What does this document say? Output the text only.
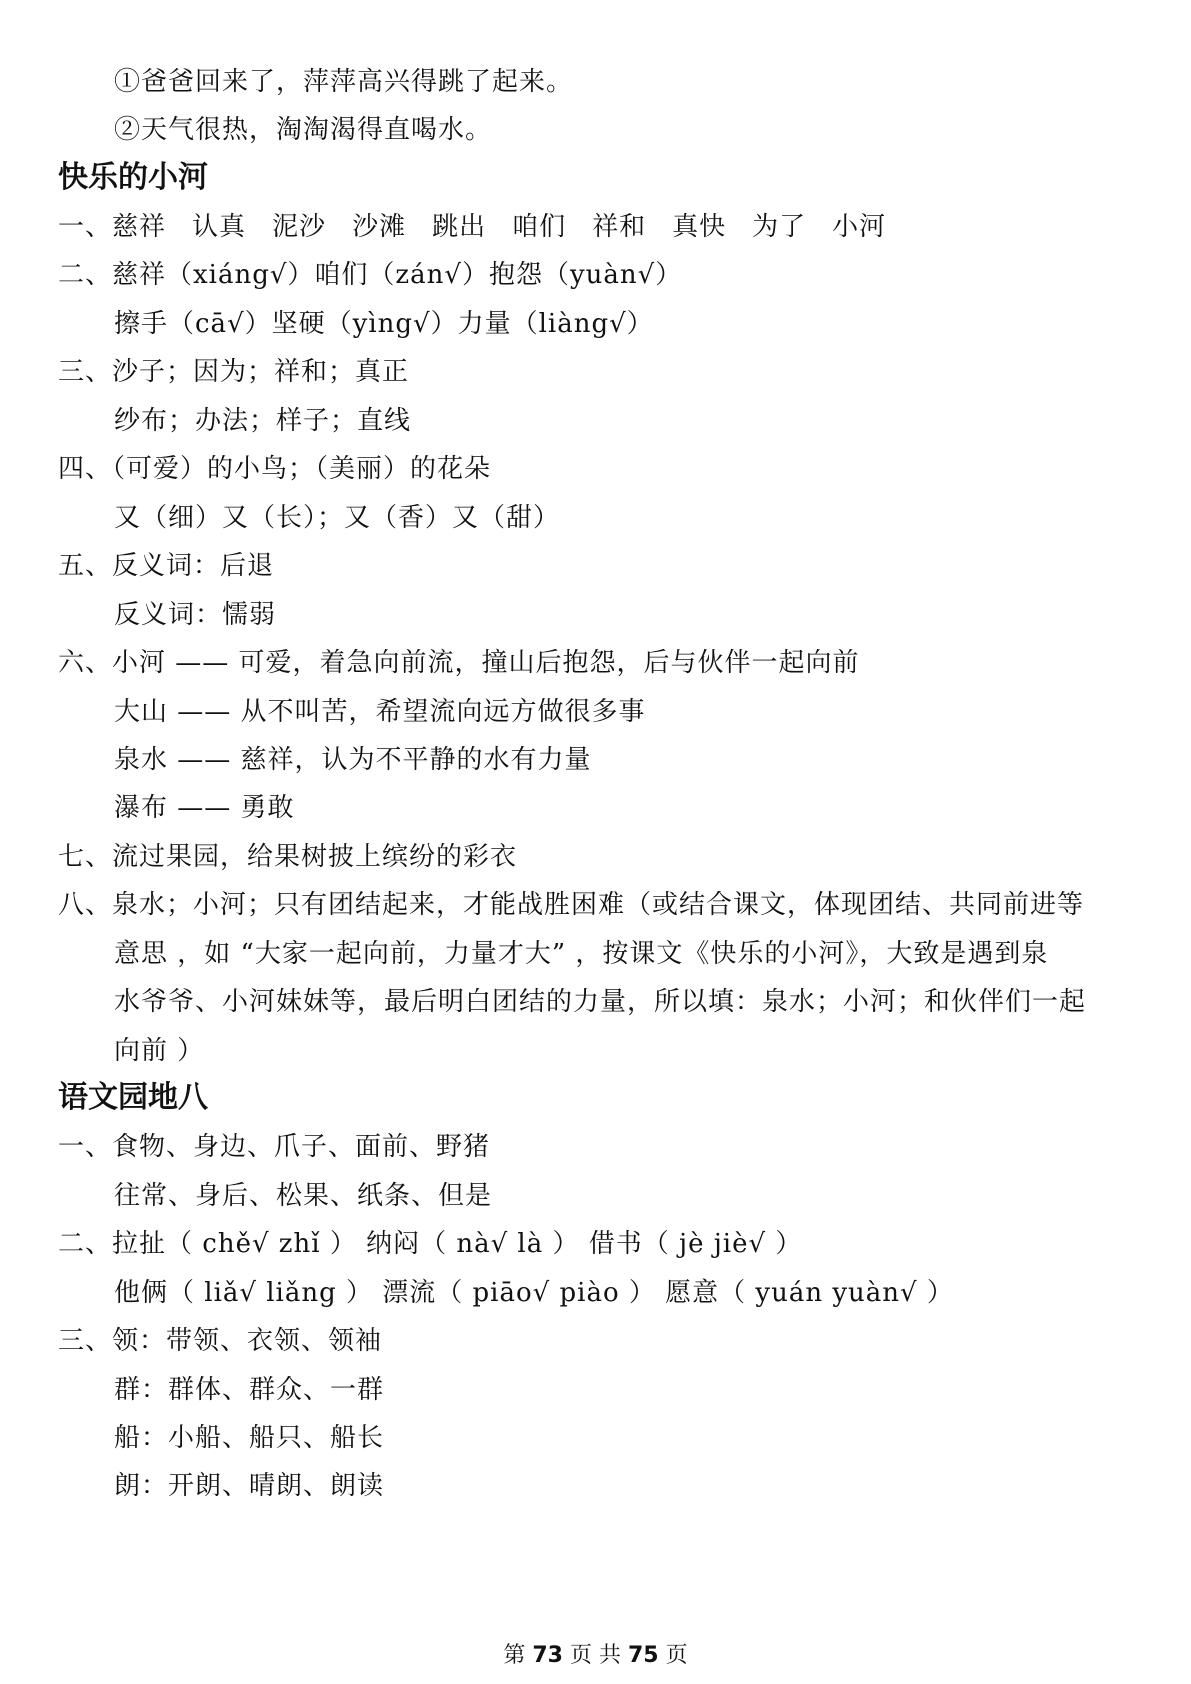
①爸爸回来了，萍萍高兴得跳了起来。
②天气很热，淘淘渴得直喝水。
快乐的小河
一、慈祥 认真 泥沙 沙滩 跳出 咱们 祥和 真快 为了 小河
二、慈祥（xiáng√）咱们（zán√）抱怨（yuàn√）
擦手（cā√）坚硬（yìng√）力量（liàng√）
三、沙子；因为；祥和；真正
纱布；办法；样子；直线
四、（可爱）的小鸟；（美丽）的花朵
又（细）又（长）；又（香）又（甜）
五、反义词：后退
反义词：懦弱
六、小河 —— 可爱，着急向前流，撞山后抱怨，后与伙伴一起向前
大山 —— 从不叫苦，希望流向远方做很多事
泉水 —— 慈祥，认为不平静的水有力量
瀑布 —— 勇敢
七、流过果园，给果树披上缤纷的彩衣
八、泉水；小河；只有团结起来，才能战胜困难（或结合课文，体现团结、共同前进等
意思 ，如 “大家一起向前，力量才大” ，按课文《快乐的小河》，大致是遇到泉
水爷爷、小河妹妹等，最后明白团结的力量，所以填：泉水；小河；和伙伴们一起
向前 ）
语文园地八
一、食物、身边、爪子、面前、野猪
往常、身后、松果、纸条、但是
二、拉扯（ chě√ zhǐ ） 纳闷（ nà√ là ） 借书（ jè jiè√ ）
他俩（ liǎ√ liǎng ） 漂流（ piāo√ piào ） 愿意（ yuán yuàn√ ）
三、领：带领、衣领、领袖
群：群体、群众、一群
船：小船、船只、船长
朗：开朗、晴朗、朗读
第 73 页 共 75 页
